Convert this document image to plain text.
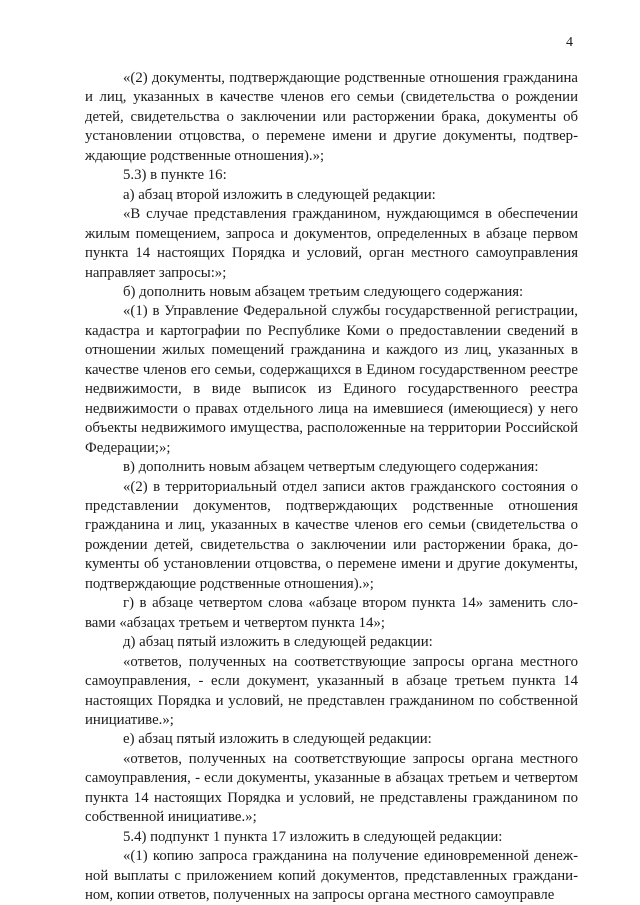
4

«(2) документы, подтверждающие родственные отношения гражданина и лиц, указанных в качестве членов его семьи (свидетельства о рождении детей, свидетельства о заключении или расторжении брака, документы об установлении отцовства, о перемене имени и другие документы, подтверждающие родственные отношения).»;

5.3) в пункте 16:

а) абзац второй изложить в следующей редакции:

«В случае представления гражданином, нуждающимся в обеспечении жилым помещением, запроса и документов, определенных в абзаце первом пункта 14 настоящих Порядка и условий, орган местного самоуправления направляет запросы:»;

б) дополнить новым абзацем третьим следующего содержания:

«(1) в Управление Федеральной службы государственной регистрации, кадастра и картографии по Республике Коми о предоставлении сведений в отношении жилых помещений гражданина и каждого из лиц, указанных в качестве членов его семьи, содержащихся в Едином государственном реестре недвижимости, в виде выписок из Единого государственного реестра недвижимости о правах отдельного лица на имевшиеся (имеющиеся) у него объекты недвижимого имущества, расположенные на территории Российской Федерации;»;

в) дополнить новым абзацем четвертым следующего содержания:

«(2) в территориальный отдел записи актов гражданского состояния о представлении документов, подтверждающих родственные отношения гражданина и лиц, указанных в качестве членов его семьи (свидетельства о рождении детей, свидетельства о заключении или расторжении брака, документы об установлении отцовства, о перемене имени и другие документы, подтверждающие родственные отношения).»;

г) в абзаце четвертом слова «абзаце втором пункта 14» заменить словами «абзацах третьем и четвертом пункта 14»;

д) абзац пятый изложить в следующей редакции:

«ответов, полученных на соответствующие запросы органа местного самоуправления, - если документ, указанный в абзаце третьем пункта 14 настоящих Порядка и условий, не представлен гражданином по собственной инициативе.»;

е) абзац пятый изложить в следующей редакции:

«ответов, полученных на соответствующие запросы органа местного самоуправления, - если документы, указанные в абзацах третьем и четвертом пункта 14 настоящих Порядка и условий, не представлены гражданином по собственной инициативе.»;

5.4) подпункт 1 пункта 17 изложить в следующей редакции:

«(1) копию запроса гражданина на получение единовременной денежной выплаты с приложением копий документов, представленных гражданином, копии ответов, полученных на запросы органа местного самоуправле
